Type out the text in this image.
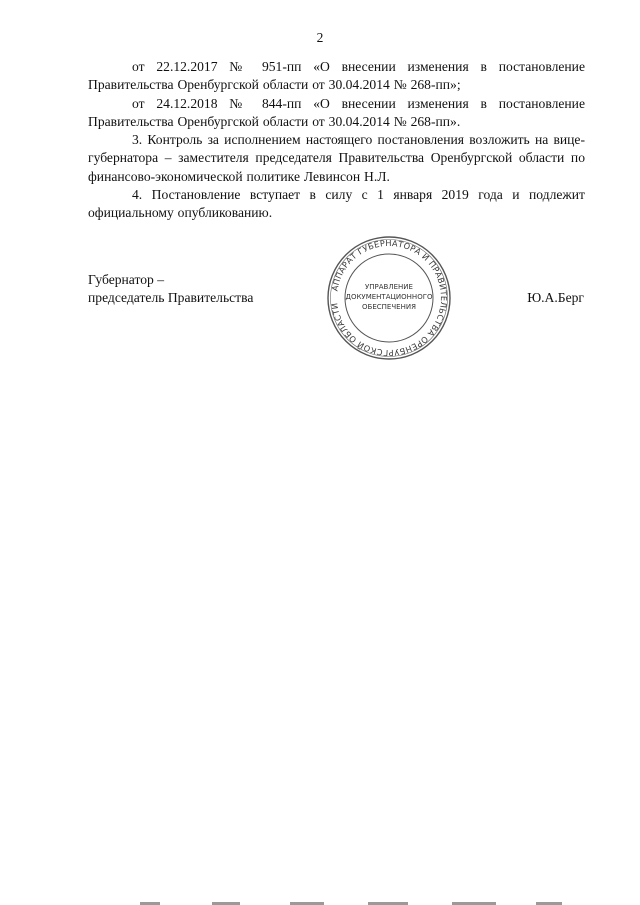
2

от 22.12.2017 № 951-пп «О внесении изменения в постановление Правительства Оренбургской области от 30.04.2014 № 268-пп»;

от 24.12.2018 № 844-пп «О внесении изменения в постановление Правительства Оренбургской области от 30.04.2014 № 268-пп».

3. Контроль за исполнением настоящего постановления возложить на вице-губернатора – заместителя председателя Правительства Оренбургской области по финансово-экономической политике Левинсон Н.Л.

4. Постановление вступает в силу с 1 января 2019 года и подлежит официальному опубликованию.

Губернатор –
председатель Правительства
АППАРАТ ГУБЕРНАТОРА И ПРАВИТЕЛЬСТВА ОРЕНБУРГСКОЙ ОБЛАСТИ
УПРАВЛЕНИЕ
ДОКУМЕНТАЦИОННОГО
ОБЕСПЕЧЕНИЯ
Ю.А.Берг
